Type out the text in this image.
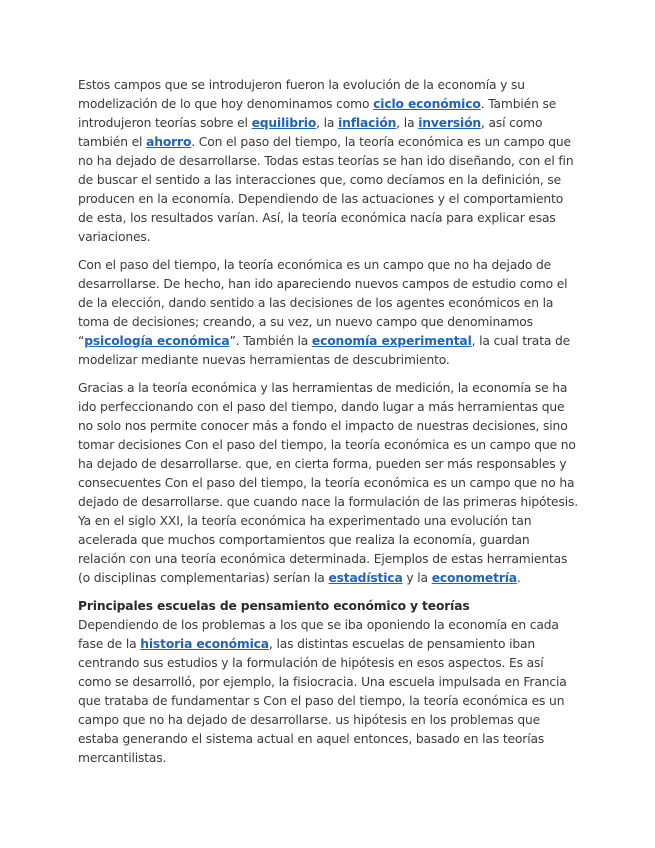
Estos campos que se introdujeron fueron la evolución de la economía y su modelización de lo que hoy denominamos como ciclo económico. También se introdujeron teorías sobre el equilibrio, la inflación, la inversión, así como también el ahorro. Con el paso del tiempo, la teoría económica es un campo que no ha dejado de desarrollarse. Todas estas teorías se han ido diseñando, con el fin de buscar el sentido a las interacciones que, como decíamos en la definición, se producen en la economía. Dependiendo de las actuaciones y el comportamiento de esta, los resultados varían. Así, la teoría económica nacía para explicar esas variaciones.

Con el paso del tiempo, la teoría económica es un campo que no ha dejado de desarrollarse. De hecho, han ido apareciendo nuevos campos de estudio como el de la elección, dando sentido a las decisiones de los agentes económicos en la toma de decisiones; creando, a su vez, un nuevo campo que denominamos “psicología económica”. También la economía experimental, la cual trata de modelizar mediante nuevas herramientas de descubrimiento.

Gracias a la teoría económica y las herramientas de medición, la economía se ha ido perfeccionando con el paso del tiempo, dando lugar a más herramientas que no solo nos permite conocer más a fondo el impacto de nuestras decisiones, sino tomar decisiones Con el paso del tiempo, la teoría económica es un campo que no ha dejado de desarrollarse. que, en cierta forma, pueden ser más responsables y consecuentes Con el paso del tiempo, la teoría económica es un campo que no ha dejado de desarrollarse. que cuando nace la formulación de las primeras hipótesis. Ya en el siglo XXI, la teoría económica ha experimentado una evolución tan acelerada que muchos comportamientos que realiza la economía, guardan relación con una teoría económica determinada. Ejemplos de estas herramientas (o disciplinas complementarias) serían la estadística y la econometría.

Principales escuelas de pensamiento económico y teorías

Dependiendo de los problemas a los que se iba oponiendo la economía en cada fase de la historia económica, las distintas escuelas de pensamiento iban centrando sus estudios y la formulación de hipótesis en esos aspectos. Es así como se desarrolló, por ejemplo, la fisiocracia. Una escuela impulsada en Francia que trataba de fundamentar s Con el paso del tiempo, la teoría económica es un campo que no ha dejado de desarrollarse. us hipótesis en los problemas que estaba generando el sistema actual en aquel entonces, basado en las teorías mercantilistas.
